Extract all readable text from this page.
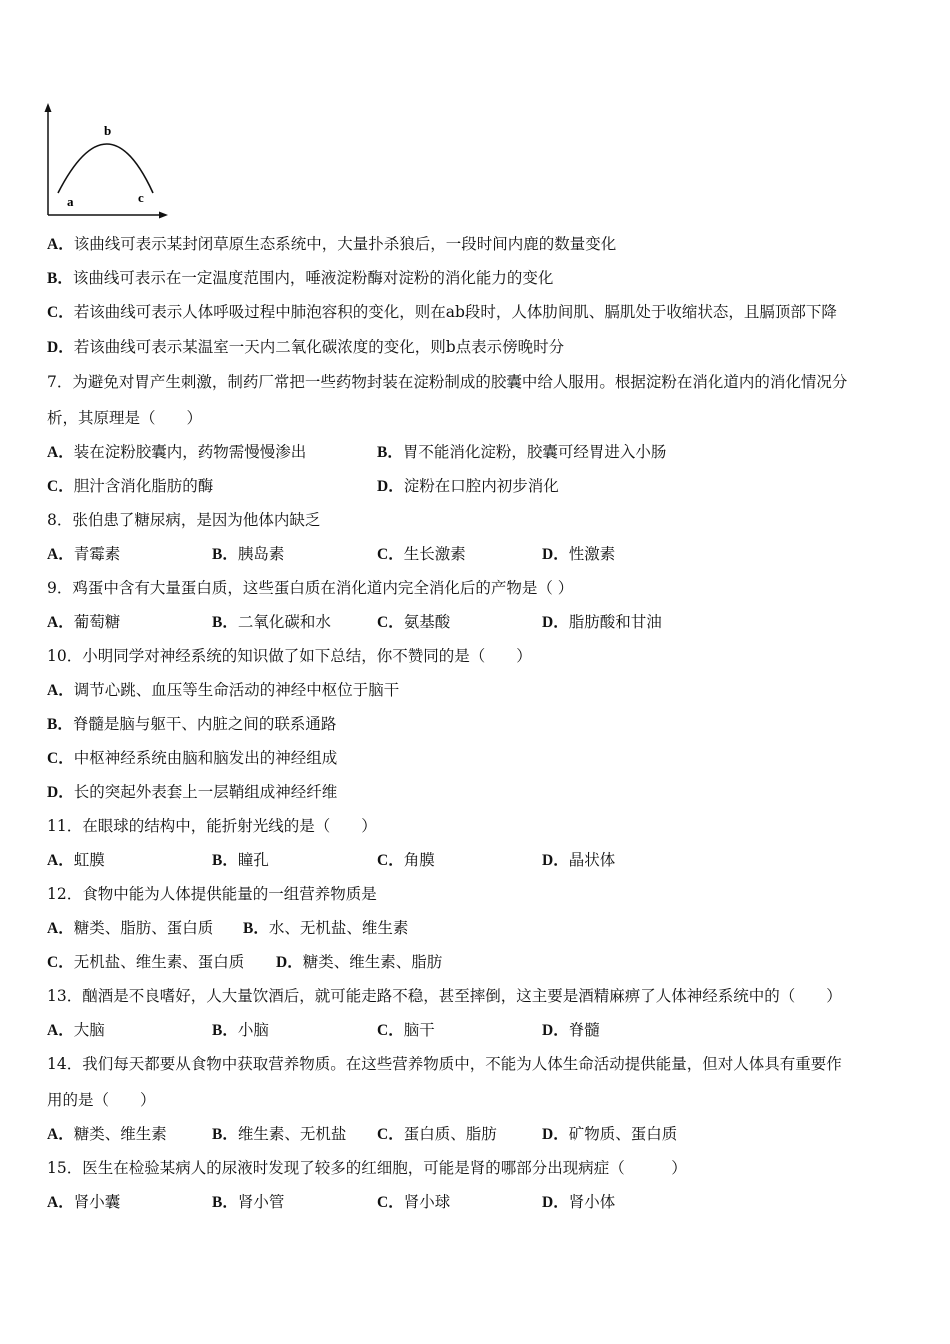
a
b
c
A．该曲线可表示某封闭草原生态系统中，大量扑杀狼后，一段时间内鹿的数量变化
B．该曲线可表示在一定温度范围内，唾液淀粉酶对淀粉的消化能力的变化
C．若该曲线可表示人体呼吸过程中肺泡容积的变化，则在ab段时，人体肋间肌、膈肌处于收缩状态，且膈顶部下降
D．若该曲线可表示某温室一天内二氧化碳浓度的变化，则b点表示傍晚时分
7．为避免对胃产生刺激，制药厂常把一些药物封装在淀粉制成的胶囊中给人服用。根据淀粉在消化道内的消化情况分
析，其原理是（　　）
A．装在淀粉胶囊内，药物需慢慢渗出	B．胃不能消化淀粉，胶囊可经胃进入小肠
C．胆汁含消化脂肪的酶	D．淀粉在口腔内初步消化
8．张伯患了糖尿病，是因为他体内缺乏
A．青霉素	B．胰岛素	C．生长激素	D．性激素
9．鸡蛋中含有大量蛋白质，这些蛋白质在消化道内完全消化后的产物是（ ）
A．葡萄糖	B．二氧化碳和水	C．氨基酸	D．脂肪酸和甘油
10．小明同学对神经系统的知识做了如下总结，你不赞同的是（　　）
A．调节心跳、血压等生命活动的神经中枢位于脑干
B．脊髓是脑与躯干、内脏之间的联系通路
C．中枢神经系统由脑和脑发出的神经组成
D．长的突起外表套上一层鞘组成神经纤维
11．在眼球的结构中，能折射光线的是（　　）
A．虹膜	B．瞳孔	C．角膜	D．晶状体
12．食物中能为人体提供能量的一组营养物质是
A．糖类、脂肪、蛋白质 B．水、无机盐、维生素
C．无机盐、维生素、蛋白质 D．糖类、维生素、脂肪
13．酗酒是不良嗜好，人大量饮酒后，就可能走路不稳，甚至摔倒，这主要是酒精麻痹了人体神经系统中的（　　）
A．大脑	B．小脑	C．脑干	D．脊髓
14．我们每天都要从食物中获取营养物质。在这些营养物质中，不能为人体生命活动提供能量，但对人体具有重要作
用的是（　　）
A．糖类、维生素	B．维生素、无机盐 C．蛋白质、脂肪	D．矿物质、蛋白质
15．医生在检验某病人的尿液时发现了较多的红细胞，可能是肾的哪部分出现病症（　　　）
A．肾小囊	B．肾小管	C．肾小球	D．肾小体
